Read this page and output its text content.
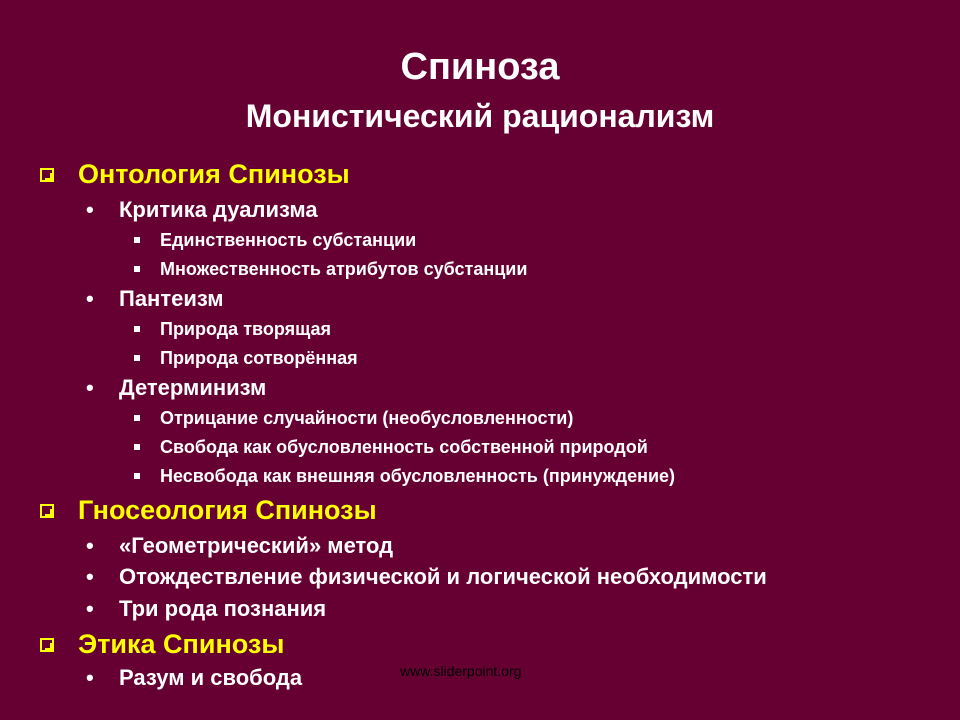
Спиноза
Монистический рационализм
Онтология Спинозы
• Критика дуализма
Единственность субстанции
Множественность атрибутов субстанции
• Пантеизм
Природа творящая
Природа сотворённая
• Детерминизм
Отрицание случайности (необусловленности)
Свобода как обусловленность собственной природой
Несвобода как внешняя обусловленность (принуждение)
Гносеология Спинозы
• «Геометрический» метод
• Отождествление физической и логической необходимости
• Три рода познания
Этика Спинозы
• Разум и свобода	www.sliderpoint.org
